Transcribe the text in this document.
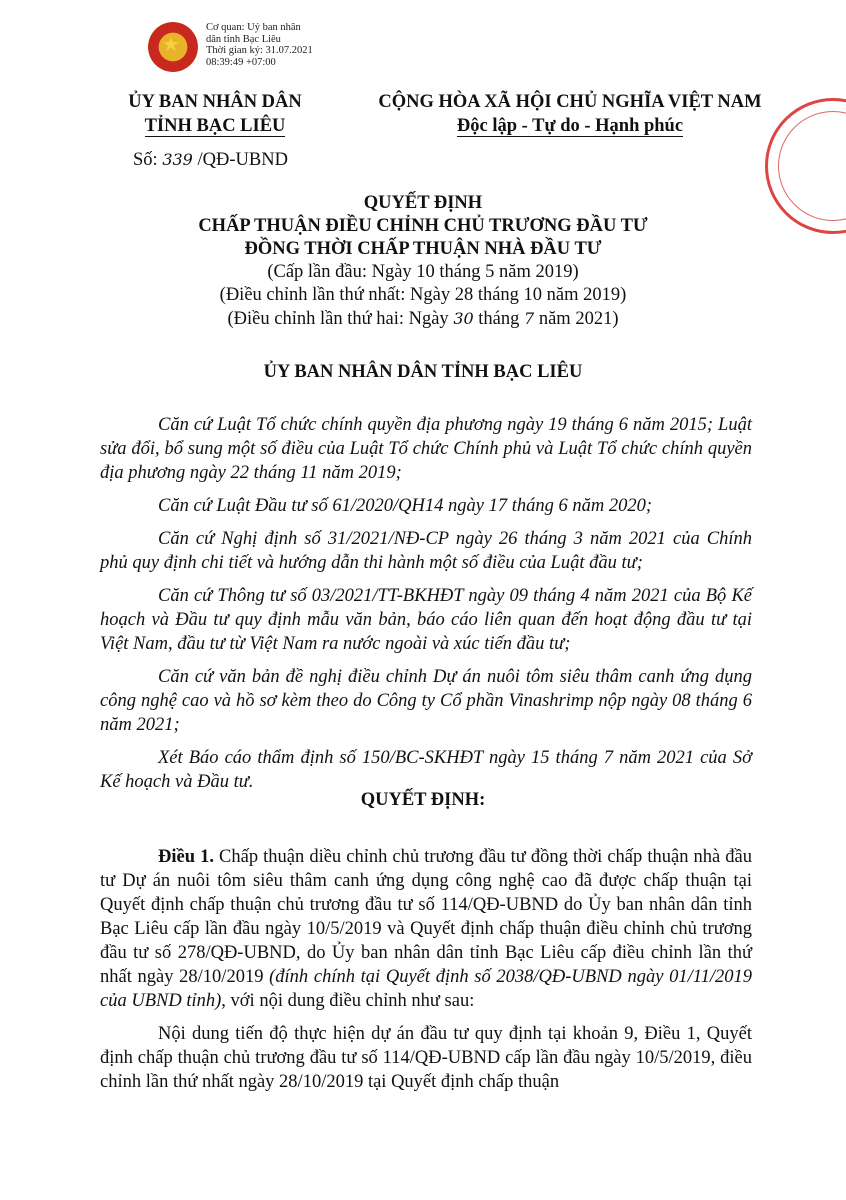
★
Cơ quan: Uỷ ban nhân
dân tỉnh Bạc Liêu
Thời gian ký: 31.07.2021
08:39:49 +07:00
ỦY BAN NHÂN DÂN
TỈNH BẠC LIÊU
CỘNG HÒA XÃ HỘI CHỦ NGHĨA VIỆT NAM
Độc lập - Tự do - Hạnh phúc
Số: 339 /QĐ-UBND
QUYẾT ĐỊNH
CHẤP THUẬN ĐIỀU CHỈNH CHỦ TRƯƠNG ĐẦU TƯ
ĐỒNG THỜI CHẤP THUẬN NHÀ ĐẦU TƯ
(Cấp lần đầu: Ngày 10 tháng 5 năm 2019)
(Điều chỉnh lần thứ nhất: Ngày 28 tháng 10 năm 2019)
(Điều chỉnh lần thứ hai: Ngày 30 tháng 7 năm 2021)
ỦY BAN NHÂN DÂN TỈNH BẠC LIÊU

Căn cứ Luật Tổ chức chính quyền địa phương ngày 19 tháng 6 năm 2015; Luật sửa đổi, bổ sung một số điều của Luật Tổ chức Chính phủ và Luật Tổ chức chính quyền địa phương ngày 22 tháng 11 năm 2019;

Căn cứ Luật Đầu tư số 61/2020/QH14 ngày 17 tháng 6 năm 2020;

Căn cứ Nghị định số 31/2021/NĐ-CP ngày 26 tháng 3 năm 2021 của Chính phủ quy định chi tiết và hướng dẫn thi hành một số điều của Luật đầu tư;

Căn cứ Thông tư số 03/2021/TT-BKHĐT ngày 09 tháng 4 năm 2021 của Bộ Kế hoạch và Đầu tư quy định mẫu văn bản, báo cáo liên quan đến hoạt động đầu tư tại Việt Nam, đầu tư từ Việt Nam ra nước ngoài và xúc tiến đầu tư;

Căn cứ văn bản đề nghị điều chỉnh Dự án nuôi tôm siêu thâm canh ứng dụng công nghệ cao và hồ sơ kèm theo do Công ty Cổ phần Vinashrimp nộp ngày 08 tháng 6 năm 2021;

Xét Báo cáo thẩm định số 150/BC-SKHĐT ngày 15 tháng 7 năm 2021 của Sở Kế hoạch và Đầu tư.

QUYẾT ĐỊNH:

Điều 1. Chấp thuận diều chỉnh chủ trương đầu tư đồng thời chấp thuận nhà đầu tư Dự án nuôi tôm siêu thâm canh ứng dụng công nghệ cao đã được chấp thuận tại Quyết định chấp thuận chủ trương đầu tư số 114/QĐ-UBND do Ủy ban nhân dân tỉnh Bạc Liêu cấp lần đầu ngày 10/5/2019 và Quyết định chấp thuận điều chỉnh chủ trương đầu tư số 278/QĐ-UBND, do Ủy ban nhân dân tỉnh Bạc Liêu cấp điều chỉnh lần thứ nhất ngày 28/10/2019 (đính chính tại Quyết định số 2038/QĐ-UBND ngày 01/11/2019 của UBND tỉnh), với nội dung điều chỉnh như sau:

Nội dung tiến độ thực hiện dự án đầu tư quy định tại khoản 9, Điều 1, Quyết định chấp thuận chủ trương đầu tư số 114/QĐ-UBND cấp lần đầu ngày 10/5/2019, điều chỉnh lần thứ nhất ngày 28/10/2019 tại Quyết định chấp thuận
